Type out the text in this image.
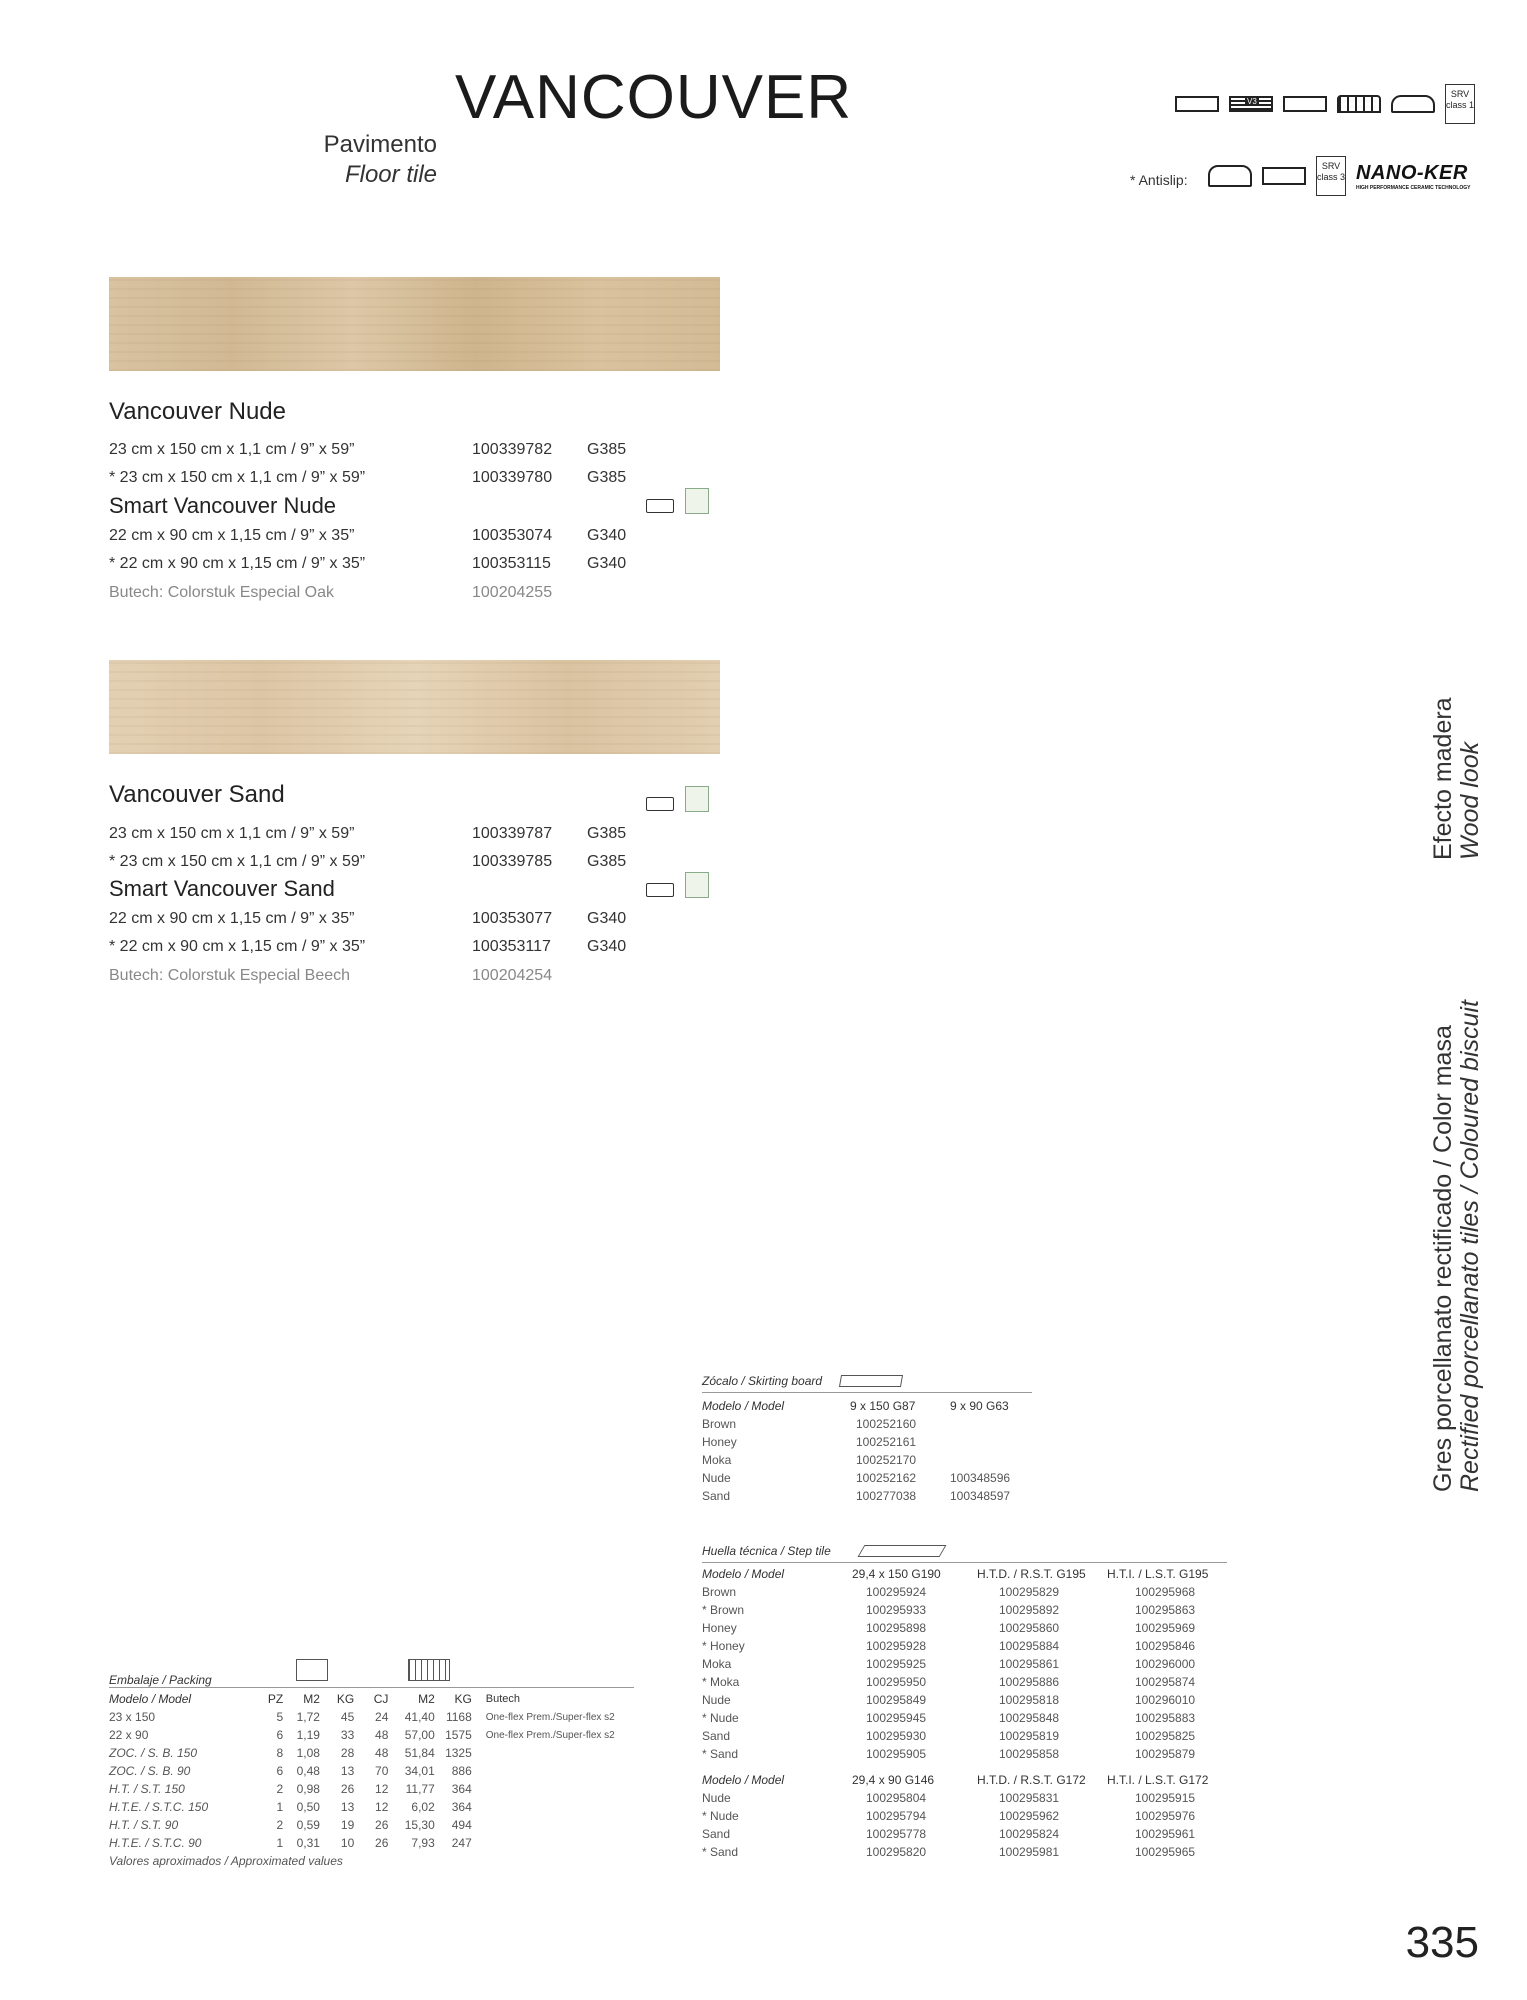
VANCOUVER
Pavimento
Floor tile
V3
SRV class 1
* Antislip:
SRV class 3 NANO-KER
HIGH PERFORMANCE CERAMIC TECHNOLOGY
Efecto madera Wood look
Gres porcellanato rectificado / Color masa Rectified porcellanato tiles / Coloured biscuit
Vancouver Nude
23 cm x 150 cm x 1,1 cm / 9” x 59”	100339782 G385
* 23 cm x 150 cm x 1,1 cm / 9” x 59”	100339780 G385
Smart Vancouver Nude
22 cm x 90 cm x 1,15 cm / 9” x 35”	100353074 G340
* 22 cm x 90 cm x 1,15 cm / 9” x 35”	100353115 G340
Butech: Colorstuk Especial Oak	100204255
Vancouver Sand
23 cm x 150 cm x 1,1 cm / 9” x 59”	100339787 G385
* 23 cm x 150 cm x 1,1 cm / 9” x 59”	100339785 G385
Smart Vancouver Sand
22 cm x 90 cm x 1,15 cm / 9” x 35”	100353077 G340
* 22 cm x 90 cm x 1,15 cm / 9” x 35”	100353117 G340
Butech: Colorstuk Especial Beech	100204254
Zócalo / Skirting board
Modelo / Model	9 x 150 G87	9 x 90 G63
Brown	100252160	
Honey	100252161	
Moka	100252170	
Nude	100252162	100348596
Sand	100277038	100348597
Huella técnica / Step tile
Modelo / Model	29,4 x 150 G190	H.T.D. / R.S.T. G195	H.T.I. / L.S.T. G195
Brown	100295924	100295829	100295968
* Brown	100295933	100295892	100295863
Honey	100295898	100295860	100295969
* Honey	100295928	100295884	100295846
Moka	100295925	100295861	100296000
* Moka	100295950	100295886	100295874
Nude	100295849	100295818	100296010
* Nude	100295945	100295848	100295883
Sand	100295930	100295819	100295825
* Sand	100295905	100295858	100295879
Modelo / Model	29,4 x 90 G146	H.T.D. / R.S.T. G172	H.T.I. / L.S.T. G172
Nude	100295804	100295831	100295915
* Nude	100295794	100295962	100295976
Sand	100295778	100295824	100295961
* Sand	100295820	100295981	100295965
Embalaje / Packing
Modelo / Model	PZ	M2	KG	CJ	M2	KG	Butech
23 x 150	5	1,72	45	24	41,40	1168	One-flex Prem./Super-flex s2
22 x 90	6	1,19	33	48	57,00	1575	One-flex Prem./Super-flex s2
ZOC. / S. B. 150	8	1,08	28	48	51,84	1325	
ZOC. / S. B. 90	6	0,48	13	70	34,01	886	
H.T. / S.T. 150	2	0,98	26	12	11,77	364	
H.T.E. / S.T.C. 150	1	0,50	13	12	6,02	364	
H.T. / S.T. 90	2	0,59	19	26	15,30	494	
H.T.E. / S.T.C. 90	1	0,31	10	26	7,93	247	
Valores aproximados / Approximated values
335
